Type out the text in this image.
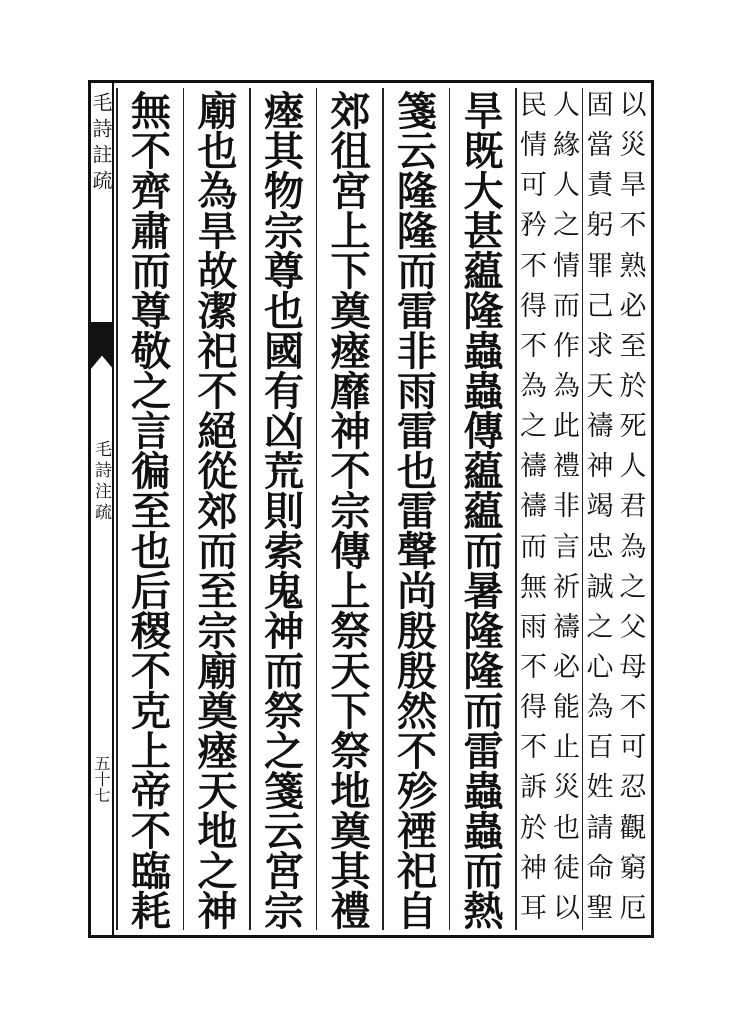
毛詩註疏
毛詩注疏
五十七
以
災
旱
不
熟
必
至
於
死
人
君
為
之
父
母
不
可
忍
觀
窮
厄
固
當
責
躬
罪
己
求
天
禱
神
竭
忠
誠
之
心
為
百
姓
請
命
聖
人
緣
人
之
情
而
作
為
此
禮
非
言
祈
禱
必
能
止
災
也
徒
以
民
情
可
矜
不
得
不
為
之
禱
禱
而
無
雨
不
得
不
訴
於
神
耳
旱
既
大
甚
藴
隆
蟲
蟲
傳
藴
藴
而
暑
隆
隆
而
雷
蟲
蟲
而
熱
箋
云
隆
隆
而
雷
非
雨
雷
也
雷
聲
尚
殷
殷
然
不
殄
禋
祀
自
郊
徂
宮
上
下
奠
瘞
靡
神
不
宗
傳
上
祭
天
下
祭
地
奠
其
禮
瘞
其
物
宗
尊
也
國
有
凶
荒
則
索
鬼
神
而
祭
之
箋
云
宮
宗
廟
也
為
旱
故
潔
祀
不
絕
從
郊
而
至
宗
廟
奠
瘞
天
地
之
神
無
不
齊
肅
而
尊
敬
之
言
徧
至
也
后
稷
不
克
上
帝
不
臨
耗
